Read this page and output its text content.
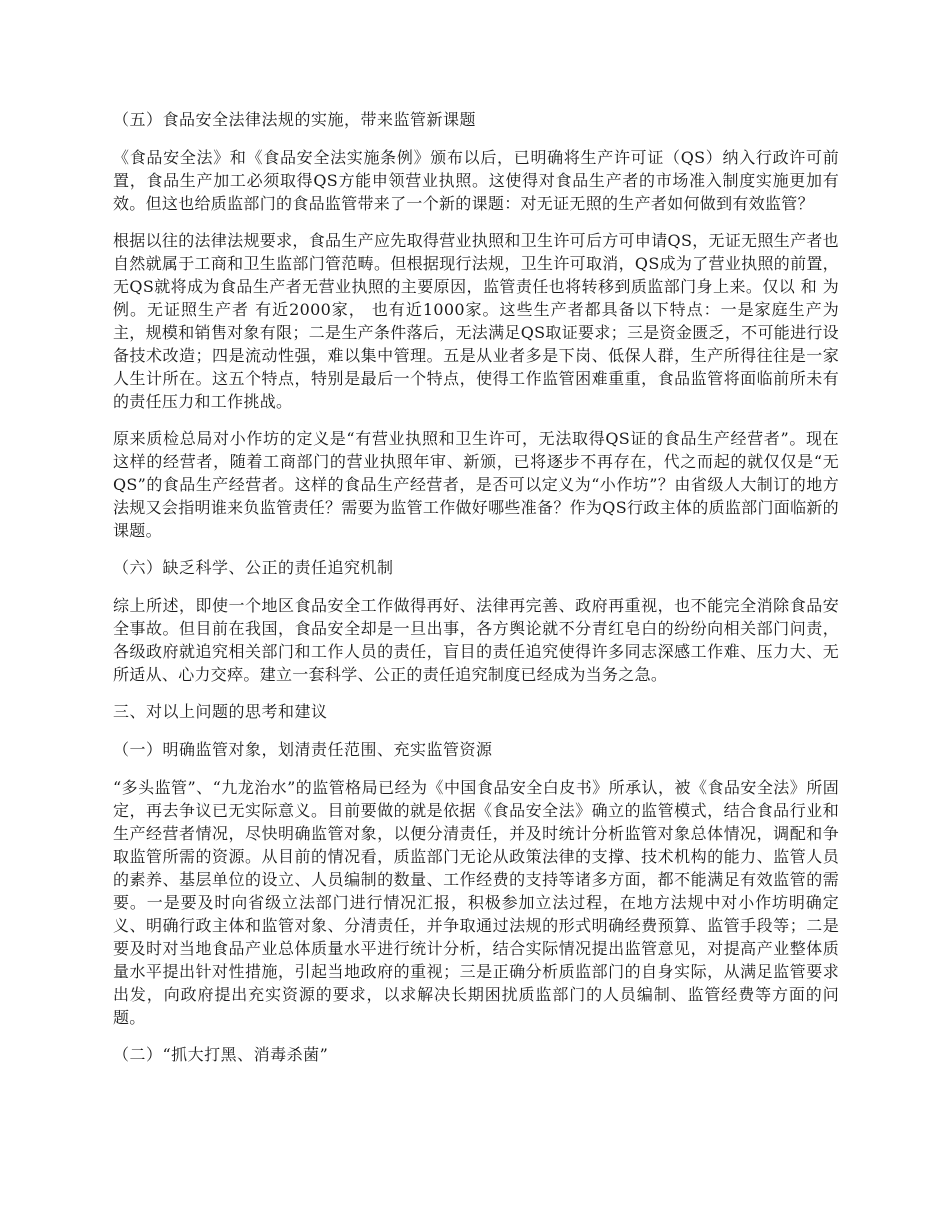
（五）食品安全法律法规的实施，带来监管新课题

《食品安全法》和《食品安全法实施条例》颁布以后，已明确将生产许可证（QS）纳入行政许可前置，食品生产加工必须取得QS方能申领营业执照。这使得对食品生产者的市场准入制度实施更加有效。但这也给质监部门的食品监管带来了一个新的课题：对无证无照的生产者如何做到有效监管？

根据以往的法律法规要求，食品生产应先取得营业执照和卫生许可后方可申请QS，无证无照生产者也自然就属于工商和卫生监部门管范畴。但根据现行法规，卫生许可取消，QS成为了营业执照的前置，无QS就将成为食品生产者无营业执照的主要原因，监管责任也将转移到质监部门身上来。仅以 和 为例。无证照生产者 有近2000家， 也有近1000家。这些生产者都具备以下特点：一是家庭生产为主，规模和销售对象有限；二是生产条件落后，无法满足QS取证要求；三是资金匮乏，不可能进行设备技术改造；四是流动性强，难以集中管理。五是从业者多是下岗、低保人群，生产所得往往是一家人生计所在。这五个特点，特别是最后一个特点，使得工作监管困难重重，食品监管将面临前所未有的责任压力和工作挑战。

原来质检总局对小作坊的定义是“有营业执照和卫生许可，无法取得QS证的食品生产经营者”。现在这样的经营者，随着工商部门的营业执照年审、新颁，已将逐步不再存在，代之而起的就仅仅是“无QS”的食品生产经营者。这样的食品生产经营者，是否可以定义为“小作坊”？由省级人大制订的地方法规又会指明谁来负监管责任？需要为监管工作做好哪些准备？作为QS行政主体的质监部门面临新的课题。

（六）缺乏科学、公正的责任追究机制

综上所述，即使一个地区食品安全工作做得再好、法律再完善、政府再重视，也不能完全消除食品安全事故。但目前在我国，食品安全却是一旦出事，各方舆论就不分青红皂白的纷纷向相关部门问责，各级政府就追究相关部门和工作人员的责任，盲目的责任追究使得许多同志深感工作难、压力大、无所适从、心力交瘁。建立一套科学、公正的责任追究制度已经成为当务之急。

三、对以上问题的思考和建议

（一）明确监管对象，划清责任范围、充实监管资源

“多头监管”、“九龙治水”的监管格局已经为《中国食品安全白皮书》所承认，被《食品安全法》所固定，再去争议已无实际意义。目前要做的就是依据《食品安全法》确立的监管模式，结合食品行业和生产经营者情况，尽快明确监管对象，以便分清责任，并及时统计分析监管对象总体情况，调配和争取监管所需的资源。从目前的情况看，质监部门无论从政策法律的支撑、技术机构的能力、监管人员的素养、基层单位的设立、人员编制的数量、工作经费的支持等诸多方面，都不能满足有效监管的需要。一是要及时向省级立法部门进行情况汇报，积极参加立法过程，在地方法规中对小作坊明确定义、明确行政主体和监管对象、分清责任，并争取通过法规的形式明确经费预算、监管手段等；二是要及时对当地食品产业总体质量水平进行统计分析，结合实际情况提出监管意见，对提高产业整体质量水平提出针对性措施，引起当地政府的重视；三是正确分析质监部门的自身实际，从满足监管要求出发，向政府提出充实资源的要求，以求解决长期困扰质监部门的人员编制、监管经费等方面的问题。

（二）“抓大打黑、消毒杀菌”
